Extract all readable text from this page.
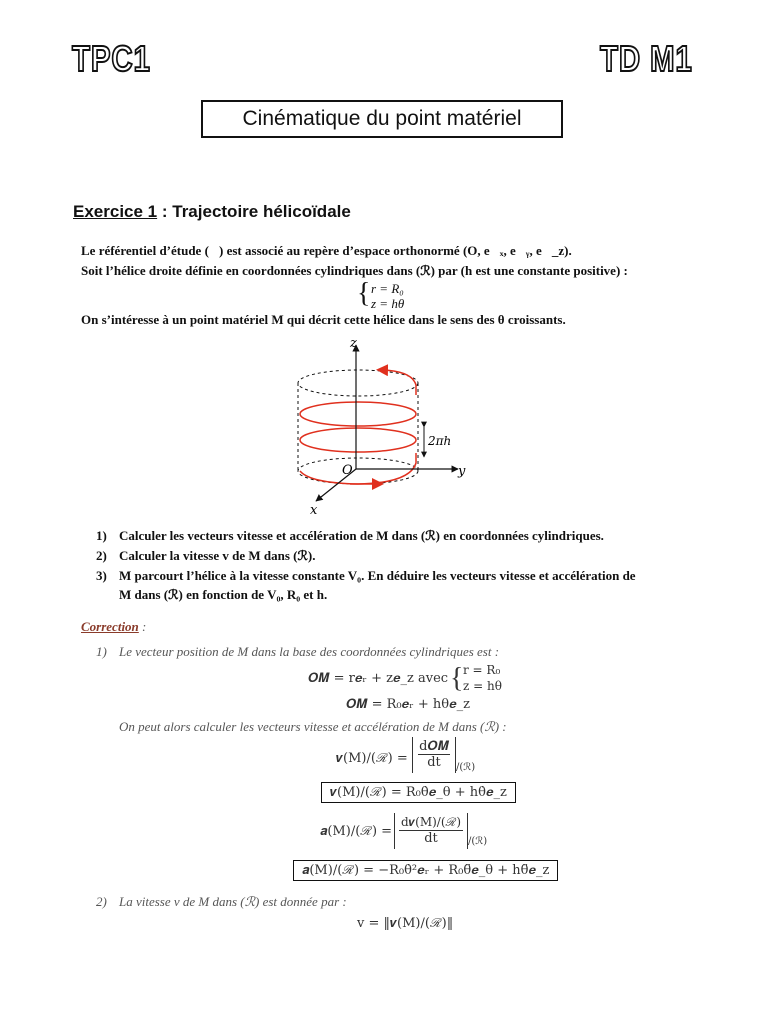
TPC1	TD M1
Cinématique du point matériel
Exercice 1 : Trajectoire hélicoïdale
Le référentiel d’étude (ℛ) est associé au repère d’espace orthonormé (O, e⃗ₓ, e⃗ᵧ, e⃗_z).
Soit l’hélice droite définie en coordonnées cylindriques dans (ℛ) par (h est une constante positive) :
{ r = R₀
z = hθ
On s’intéresse à un point matériel M qui décrit cette hélice dans le sens des θ croissants.
z
y
x
O
2πh
1) Calculer les vecteurs vitesse et accélération de M dans (ℛ) en coordonnées cylindriques.
2) Calculer la vitesse v de M dans (ℛ).
3) M parcourt l’hélice à la vitesse constante V₀. En déduire les vecteurs vitesse et accélération de
M dans (ℛ) en fonction de V₀, R₀ et h.
Correction :
1) Le vecteur position de M dans la base des coordonnées cylindriques est :
𝑶𝑴 = r𝒆ᵣ + z𝒆_z avec { r = R₀
z = hθ
𝑶𝑴 = R₀𝒆ᵣ + hθ𝒆_z
On peut alors calculer les vecteurs vitesse et accélération de M dans (ℛ) :
𝒗(M)/(ℛ) =
d𝑶𝑴
dt	/(ℛ)
𝒗(M)/(ℛ) = R₀θ̇𝒆_θ + hθ̇𝒆_z
𝒂(M)/(ℛ) =
d𝒗(M)/(ℛ)
dt	/(ℛ)
𝒂(M)/(ℛ) = −R₀θ̇²𝒆ᵣ + R₀θ̈𝒆_θ + hθ̈𝒆_z
2) La vitesse v de M dans (ℛ) est donnée par :
v = ‖𝒗(M)/(ℛ)‖
